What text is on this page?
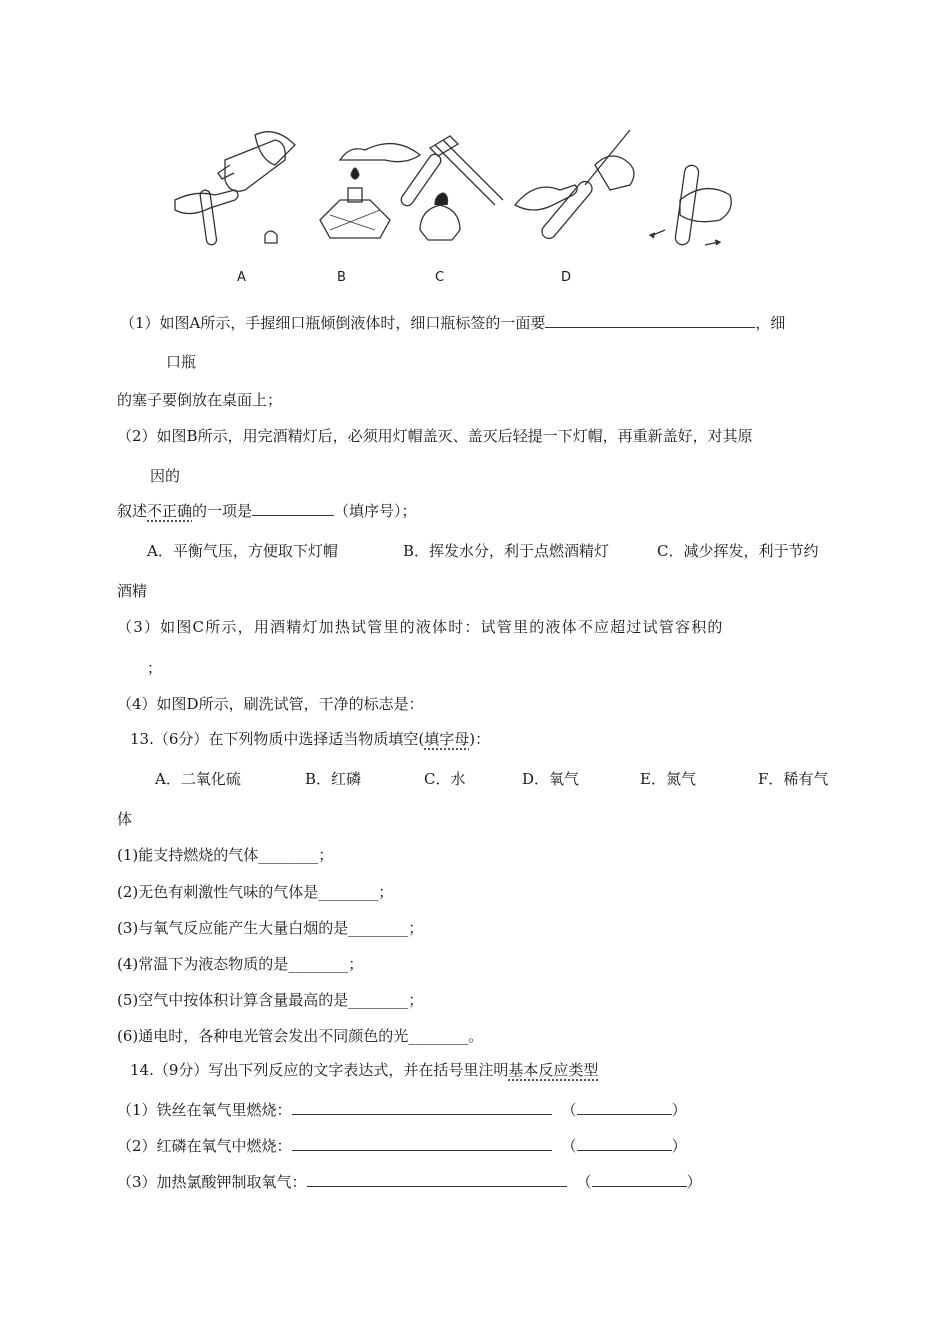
A	B	C	D
（1）如图A所示，手握细口瓶倾倒液体时，细口瓶标签的一面要	，细
口瓶
的塞子要倒放在桌面上；
（2）如图B所示，用完酒精灯后，必须用灯帽盖灭、盖灭后轻提一下灯帽，再重新盖好，对其原
因的
叙述不正确的一项是	（填序号）；
A．平衡气压，方便取下灯帽	B．挥发水分，利于点燃酒精灯	C．减少挥发，利于节约
酒精
（3）如图C所示，用酒精灯加热试管里的液体时：试管里的液体不应超过试管容积的
；
（4）如图D所示，刷洗试管，干净的标志是：
13.（6分）在下列物质中选择适当物质填空(填字母)：
A．二氧化硫	B．红磷	C．水	D．氧气	E．氮气	F．稀有气
体
(1)能支持燃烧的气体________；
(2)无色有刺激性气味的气体是________；
(3)与氧气反应能产生大量白烟的是________；
(4)常温下为液态物质的是________；
(5)空气中按体积计算含量最高的是________；
(6)通电时，各种电光管会发出不同颜色的光________。
14.（9分）写出下列反应的文字表达式，并在括号里注明基本反应类型
（1）铁丝在氧气里燃烧：	（	）
（2）红磷在氧气中燃烧：	（	）
（3）加热氯酸钾制取氧气：	（	）
